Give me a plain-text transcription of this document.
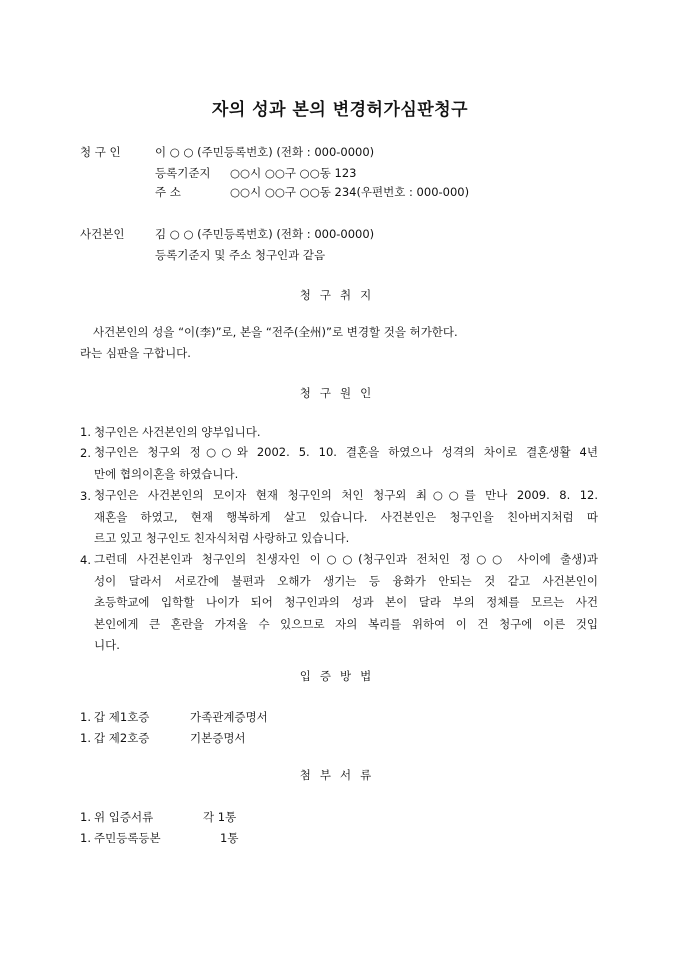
자의 성과 본의 변경허가심판청구
청 구 인	이 ○ ○ (주민등록번호) (전화 : 000-0000)
등록기준지 ○○시 ○○구 ○○동 123
주 소	○○시 ○○구 ○○동 234(우편번호 : 000-000)
사건본인	김 ○ ○ (주민등록번호) (전화 : 000-0000)
등록기준지 및 주소 청구인과 같음
청구취지
사건본인의 성을 “이(李)”로, 본을 “전주(全州)”로 변경할 것을 허가한다.
라는 심판을 구합니다.
청구원인
1. 청구인은 사건본인의 양부입니다.
2. 청구인은 청구외 정○○와 2002. 5. 10. 결혼을 하였으나 성격의 차이로 결혼생활 4년
만에 협의이혼을 하였습니다.
3. 청구인은 사건본인의 모이자 현재 청구인의 처인 청구외 최○○를 만나 2009. 8. 12.
재혼을 하였고, 현재 행복하게 살고 있습니다. 사건본인은 청구인을 친아버지처럼 따
르고 있고 청구인도 친자식처럼 사랑하고 있습니다.
4. 그런데 사건본인과 청구인의 친생자인 이○○(청구인과 전처인 정○○ 사이에 출생)과
성이 달라서 서로간에 불편과 오해가 생기는 등 융화가 안되는 것 같고 사건본인이
초등학교에 입학할 나이가 되어 청구인과의 성과 본이 달라 부의 정체를 모르는 사건
본인에게 큰 혼란을 가져올 수 있으므로 자의 복리를 위하여 이 건 청구에 이른 것입
니다.
입증방법
1. 갑 제1호증	가족관계증명서
1. 갑 제2호증	기본증명서
첨부서류
1. 위 입증서류	각 1통
1. 주민등록등본	1통
